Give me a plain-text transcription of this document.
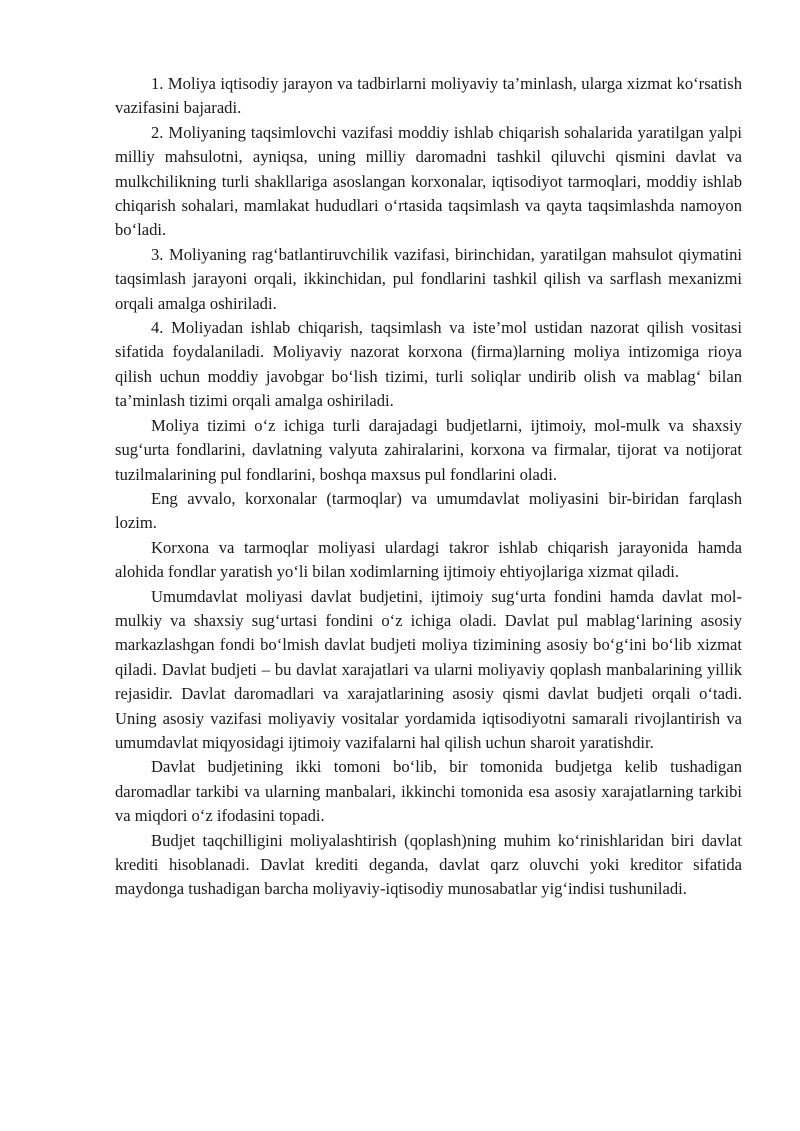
1. Moliya iqtisodiy jarayon va tadbirlarni moliyaviy ta’minlash, ularga xizmat ko‘rsatish vazifasini bajaradi.

2. Moliyaning taqsimlovchi vazifasi moddiy ishlab chiqarish sohalarida yaratilgan yalpi milliy mahsulotni, ayniqsa, uning milliy daromadni tashkil qiluvchi qismini davlat va mulkchilikning turli shakllariga asoslangan korxonalar, iqtisodiyot tarmoqlari, moddiy ishlab chiqarish sohalari, mamlakat hududlari o‘rtasida taqsimlash va qayta taqsimlashda namoyon bo‘ladi.

3. Moliyaning rag‘batlantiruvchilik vazifasi, birinchidan, yaratilgan mahsulot qiymatini taqsimlash jarayoni orqali, ikkinchidan, pul fondlarini tashkil qilish va sarflash mexanizmi orqali amalga oshiriladi.

4. Moliyadan ishlab chiqarish, taqsimlash va iste’mol ustidan nazorat qilish vositasi sifatida foydalaniladi. Moliyaviy nazorat korxona (firma)larning moliya intizomiga rioya qilish uchun moddiy javobgar bo‘lish tizimi, turli soliqlar undirib olish va mablag‘ bilan ta’minlash tizimi orqali amalga oshiriladi.

Moliya tizimi o‘z ichiga turli darajadagi budjetlarni, ijtimoiy, mol-mulk va shaxsiy sug‘urta fondlarini, davlatning valyuta zahiralarini, korxona va firmalar, tijorat va notijorat tuzilmalarining pul fondlarini, boshqa maxsus pul fondlarini oladi.

Eng avvalo, korxonalar (tarmoqlar) va umumdavlat moliyasini bir-biridan farqlash lozim.

Korxona va tarmoqlar moliyasi ulardagi takror ishlab chiqarish jarayonida hamda alohida fondlar yaratish yo‘li bilan xodimlarning ijtimoiy ehtiyojlariga xizmat qiladi.

Umumdavlat moliyasi davlat budjetini, ijtimoiy sug‘urta fondini hamda davlat mol-mulkiy va shaxsiy sug‘urtasi fondini o‘z ichiga oladi. Davlat pul mablag‘larining asosiy markazlashgan fondi bo‘lmish davlat budjeti moliya tizimining asosiy bo‘g‘ini bo‘lib xizmat qiladi. Davlat budjeti – bu davlat xarajatlari va ularni moliyaviy qoplash manbalarining yillik rejasidir. Davlat daromadlari va xarajatlarining asosiy qismi davlat budjeti orqali o‘tadi. Uning asosiy vazifasi moliyaviy vositalar yordamida iqtisodiyotni samarali rivojlantirish va umumdavlat miqyosidagi ijtimoiy vazifalarni hal qilish uchun sharoit yaratishdir.

Davlat budjetining ikki tomoni bo‘lib, bir tomonida budjetga kelib tushadigan daromadlar tarkibi va ularning manbalari, ikkinchi tomonida esa asosiy xarajatlarning tarkibi va miqdori o‘z ifodasini topadi.

Budjet taqchilligini moliyalashtirish (qoplash)ning muhim ko‘rinishlaridan biri davlat krediti hisoblanadi. Davlat krediti deganda, davlat qarz oluvchi yoki kreditor sifatida maydonga tushadigan barcha moliyaviy-iqtisodiy munosabatlar yig‘indisi tushuniladi.
